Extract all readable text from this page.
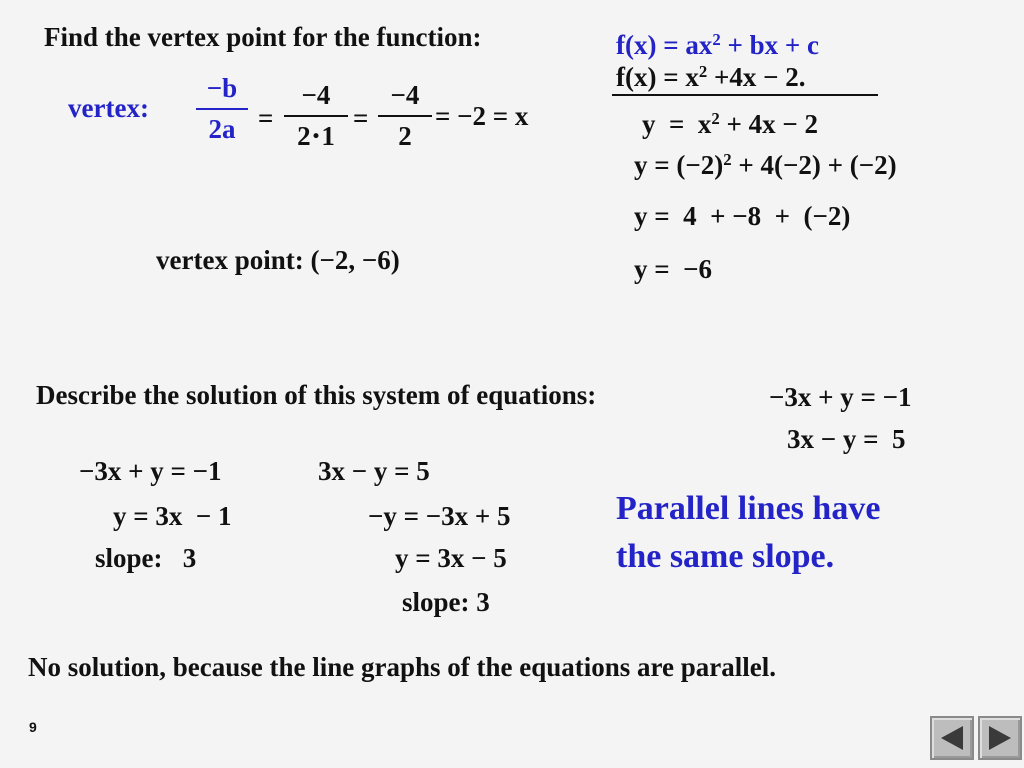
Find the vertex point for the function:	$f(x) = ax^2$ + bx + c
$f(x) = x^2 +4x - 2$.
vertex:
−b
2a =
−4
2⋅1
=
−4
2
= −2 = x	$y = x^2 + 4x - 2$
$y = (-2)^2 + 4(-2) + (-2)$
y =  4  + −8  +  (−2)
y =  −6
vertex point: (−2, −6)
Describe the solution of this system of equations:	−3x + y = −1
3x − y =  5
−3x + y = −1
y = 3x  − 1
slope:   3
3x − y = 5
−y = −3x + 5
y = 3x − 5
slope: 3
Parallel lines have
the same slope.
No solution, because the line graphs of the equations are parallel.
9
